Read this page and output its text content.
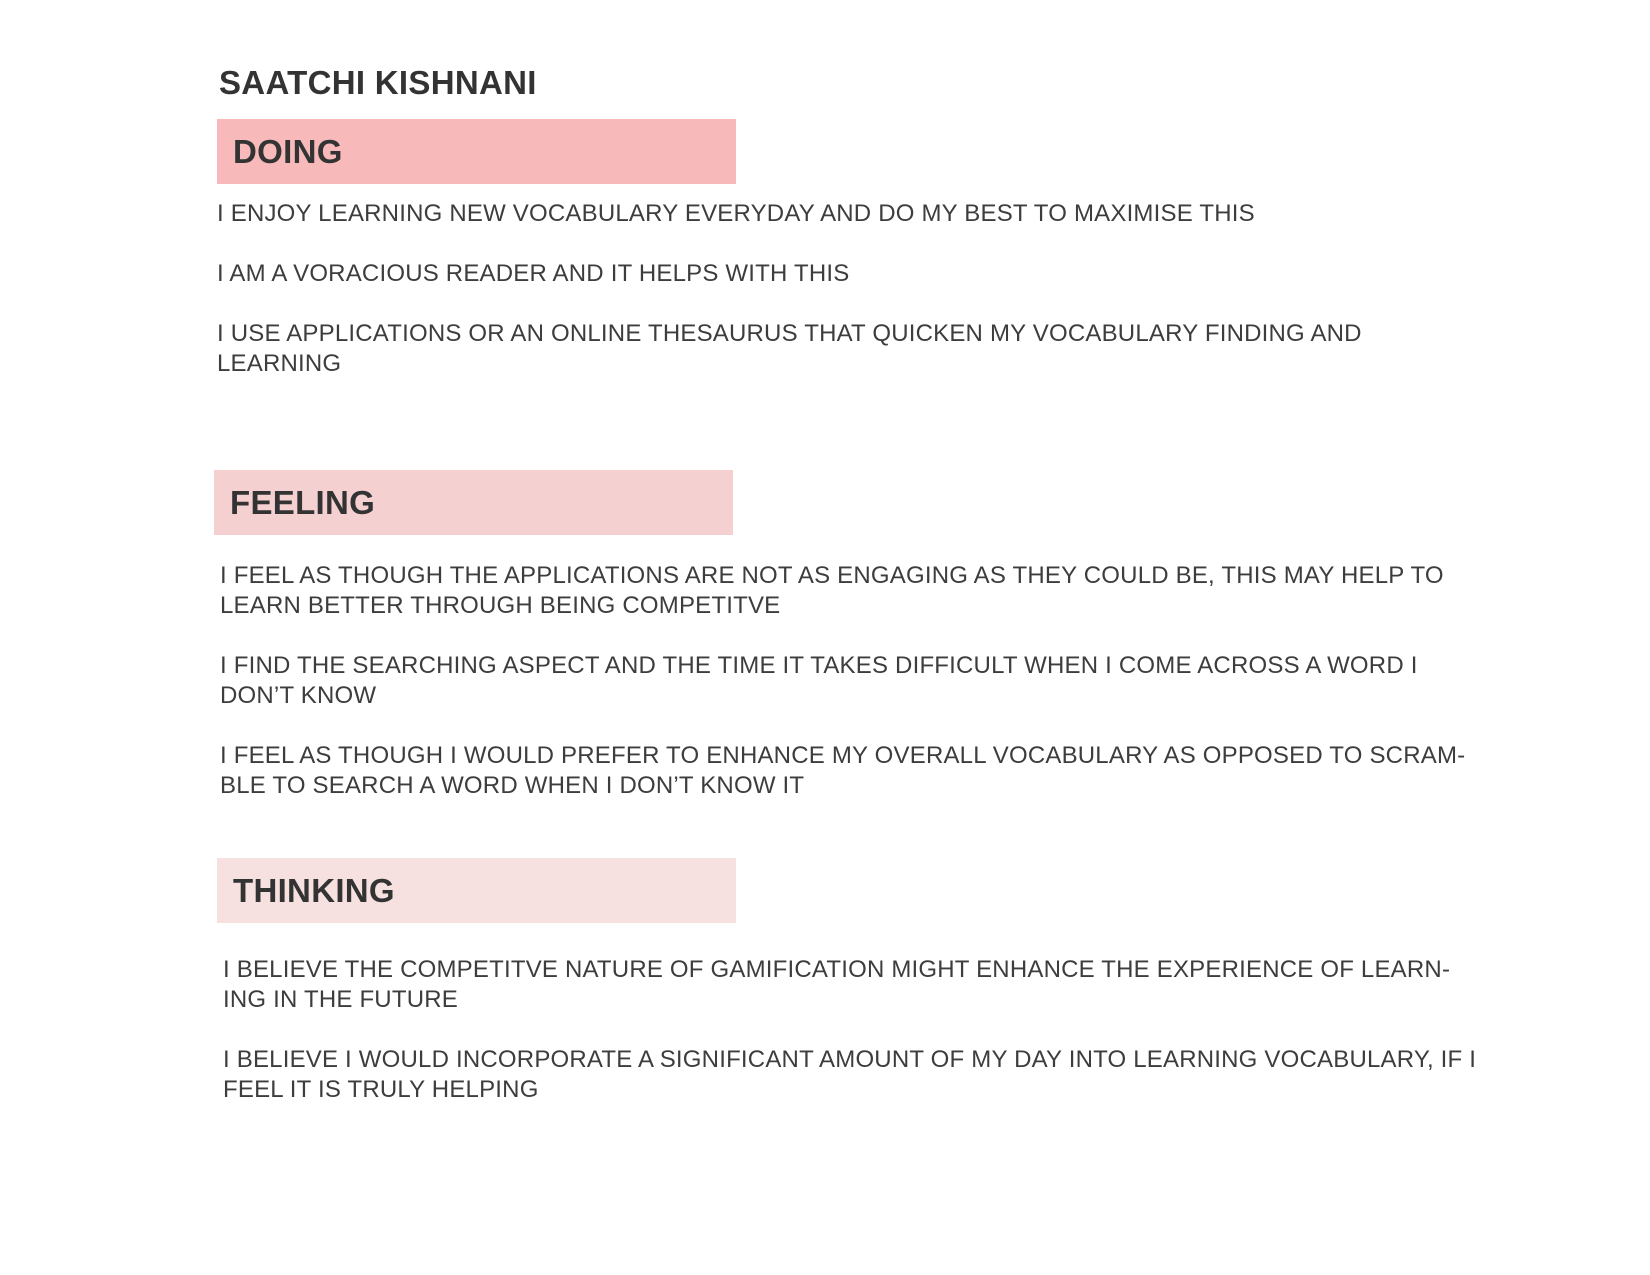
SAATCHI KISHNANI
DOING

I ENJOY LEARNING NEW VOCABULARY EVERYDAY AND DO MY BEST TO MAXIMISE THIS

I AM A VORACIOUS READER AND IT HELPS WITH THIS

I USE APPLICATIONS OR AN ONLINE THESAURUS THAT QUICKEN MY VOCABULARY FINDING AND LEARNING

FEELING

I FEEL AS THOUGH THE APPLICATIONS ARE NOT AS ENGAGING AS THEY COULD BE, THIS MAY HELP TO LEARN BETTER THROUGH BEING COMPETITVE

I FIND THE SEARCHING ASPECT AND THE TIME IT TAKES DIFFICULT WHEN I COME ACROSS A WORD I DON’T KNOW

I FEEL AS THOUGH I WOULD PREFER TO ENHANCE MY OVERALL VOCABULARY AS OPPOSED TO SCRAM-BLE TO SEARCH A WORD WHEN I DON’T KNOW IT

THINKING

I BELIEVE THE COMPETITVE NATURE OF GAMIFICATION MIGHT ENHANCE THE EXPERIENCE OF LEARN-ING IN THE FUTURE

I BELIEVE I WOULD INCORPORATE A SIGNIFICANT AMOUNT OF MY DAY INTO LEARNING VOCABULARY, IF I FEEL IT IS TRULY HELPING
